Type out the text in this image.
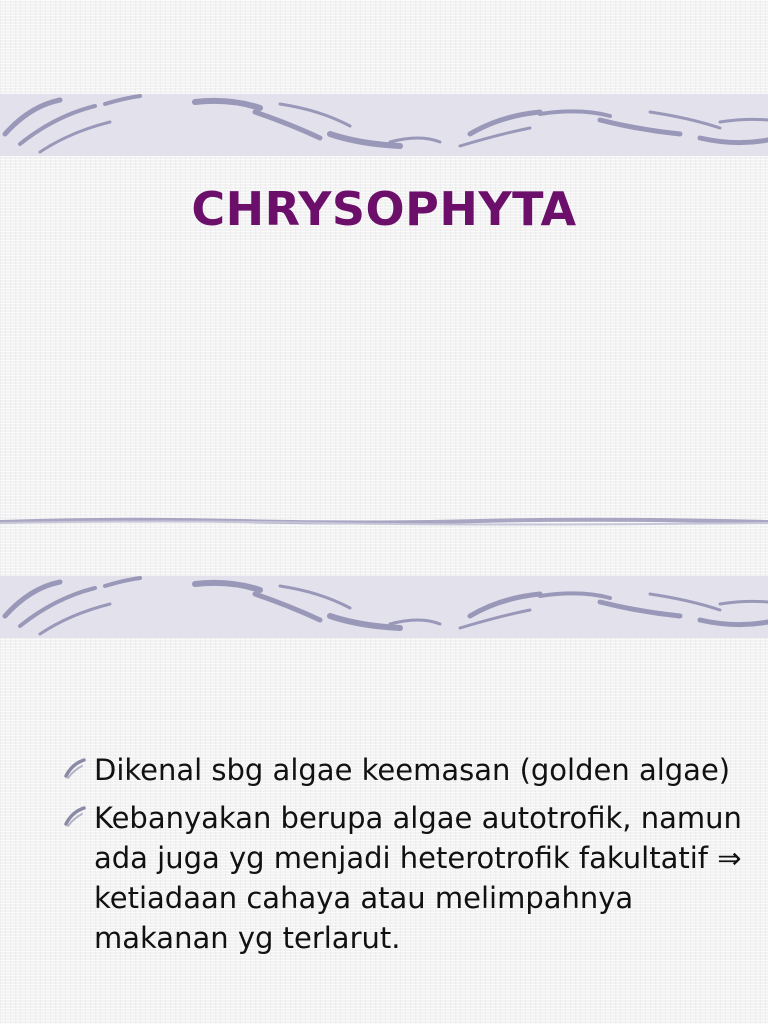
CHRYSOPHYTA
Dikenal sbg algae keemasan (golden algae)
Kebanyakan berupa algae autotrofik, namun ada juga yg menjadi heterotrofik fakultatif ⇒ ketiadaan cahaya atau melimpahnya makanan yg terlarut.
